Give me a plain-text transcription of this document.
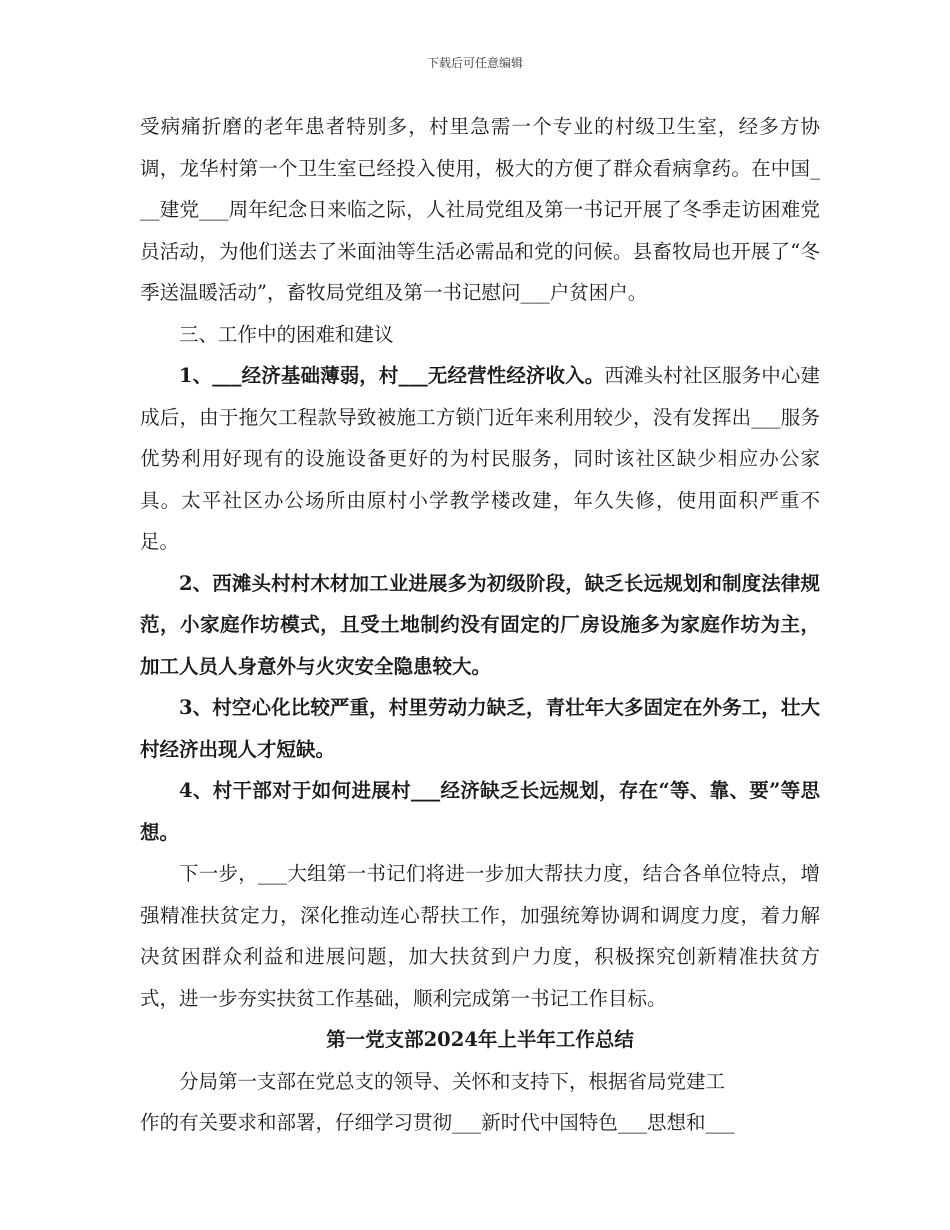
下载后可任意编辑

受病痛折磨的老年患者特别多，村里急需一个专业的村级卫生室，经多方协调，龙华村第一个卫生室已经投入使用，极大的方便了群众看病拿药。在中国___建党___周年纪念日来临之际，人社局党组及第一书记开展了冬季走访困难党员活动，为他们送去了米面油等生活必需品和党的问候。县畜牧局也开展了“冬季送温暖活动”，畜牧局党组及第一书记慰问___户贫困户。

三、工作中的困难和建议

1、___经济基础薄弱，村___无经营性经济收入。西滩头村社区服务中心建成后，由于拖欠工程款导致被施工方锁门近年来利用较少，没有发挥出___服务优势利用好现有的设施设备更好的为村民服务，同时该社区缺少相应办公家具。太平社区办公场所由原村小学教学楼改建，年久失修，使用面积严重不足。

2、西滩头村村木材加工业进展多为初级阶段，缺乏长远规划和制度法律规范，小家庭作坊模式，且受土地制约没有固定的厂房设施多为家庭作坊为主，加工人员人身意外与火灾安全隐患较大。

3、村空心化比较严重，村里劳动力缺乏，青壮年大多固定在外务工，壮大村经济出现人才短缺。

4、村干部对于如何进展村___经济缺乏长远规划，存在“等、靠、要”等思想。

下一步，___大组第一书记们将进一步加大帮扶力度，结合各单位特点，增强精准扶贫定力，深化推动连心帮扶工作，加强统筹协调和调度力度，着力解决贫困群众利益和进展问题，加大扶贫到户力度，积极探究创新精准扶贫方式，进一步夯实扶贫工作基础，顺利完成第一书记工作目标。

第一党支部2024年上半年工作总结

分局第一支部在党总支的领导、关怀和支持下，根据省局党建工

作的有关要求和部署，仔细学习贯彻___新时代中国特色___思想和___
